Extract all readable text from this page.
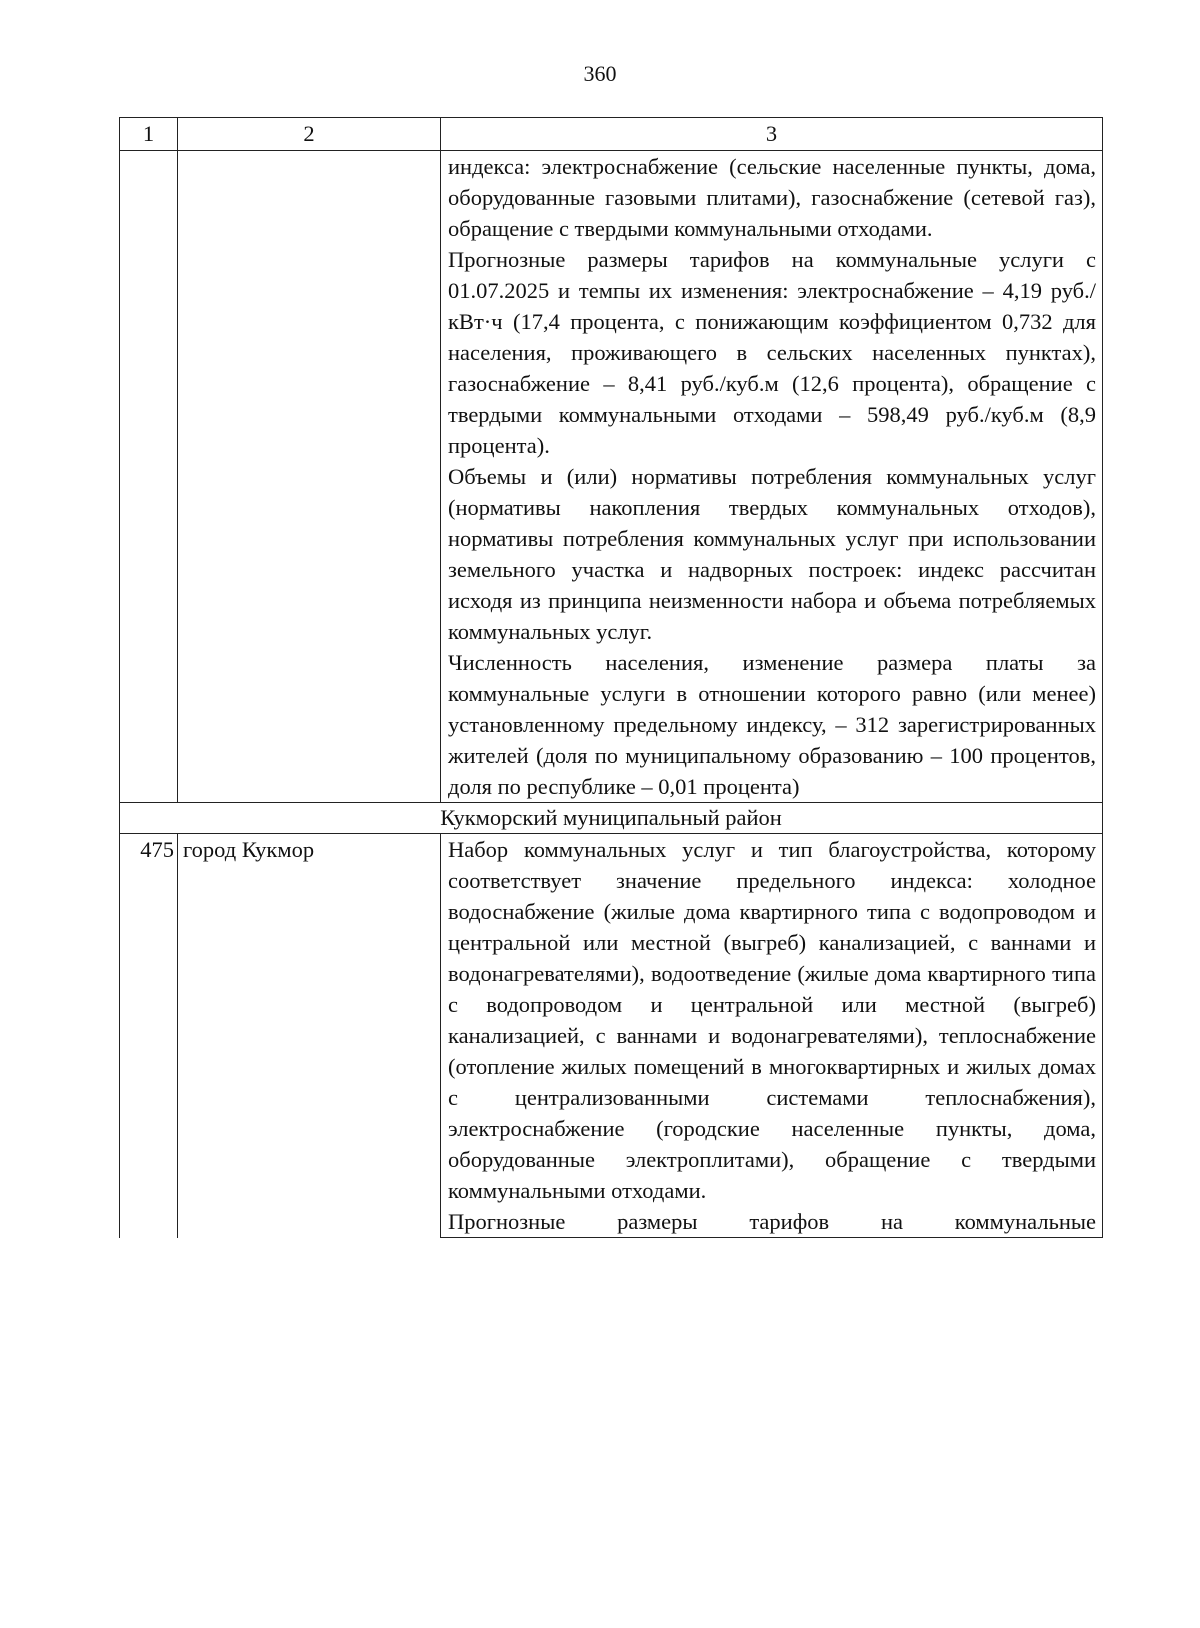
360
1	2	3

		индекса: электроснабжение (сельские населенные пункты, дома, оборудованные газовыми плитами), газоснабжение (сетевой газ), обращение с твердыми коммунальными отходами.

Прогнозные размеры тарифов на коммунальные услуги с 01.07.2025 и темпы их изменения: электроснабжение – 4,19 руб./кВт·ч (17,4 процента, с понижающим коэффициентом 0,732 для населения, проживающего в сельских населенных пунктах), газоснабжение – 8,41 руб./куб.м (12,6 процента), обращение с твердыми коммунальными отходами – 598,49 руб./куб.м (8,9 процента).

Объемы и (или) нормативы потребления коммунальных услуг (нормативы накопления твердых коммунальных отходов), нормативы потребления коммунальных услуг при использовании земельного участка и надворных построек: индекс рассчитан исходя из принципа неизменности набора и объема потребляемых коммунальных услуг.

Численность населения, изменение размера платы за коммунальные услуги в отношении которого равно (или менее) установленному предельному индексу, – 312 зарегистрированных жителей (доля по муниципальному образованию – 100 процентов, доля по республике – 0,01 процента)

Кукморский муниципальный район		
475	город Кукмор	Набор коммунальных услуг и тип благоустройства, которому соответствует значение предельного индекса: холодное водоснабжение (жилые дома квартирного типа с водопроводом и центральной или местной (выгреб) канализацией, с ваннами и водонагревателями), водоотведение (жилые дома квартирного типа с водопроводом и центральной или местной (выгреб) канализацией, с ваннами и водонагревателями), теплоснабжение (отопление жилых помещений в многоквартирных и жилых домах с централизованными системами теплоснабжения), электроснабжение (городские населенные пункты, дома, оборудованные электроплитами), обращение с твердыми коммунальными отходами.

Прогнозные размеры тарифов на коммунальные
